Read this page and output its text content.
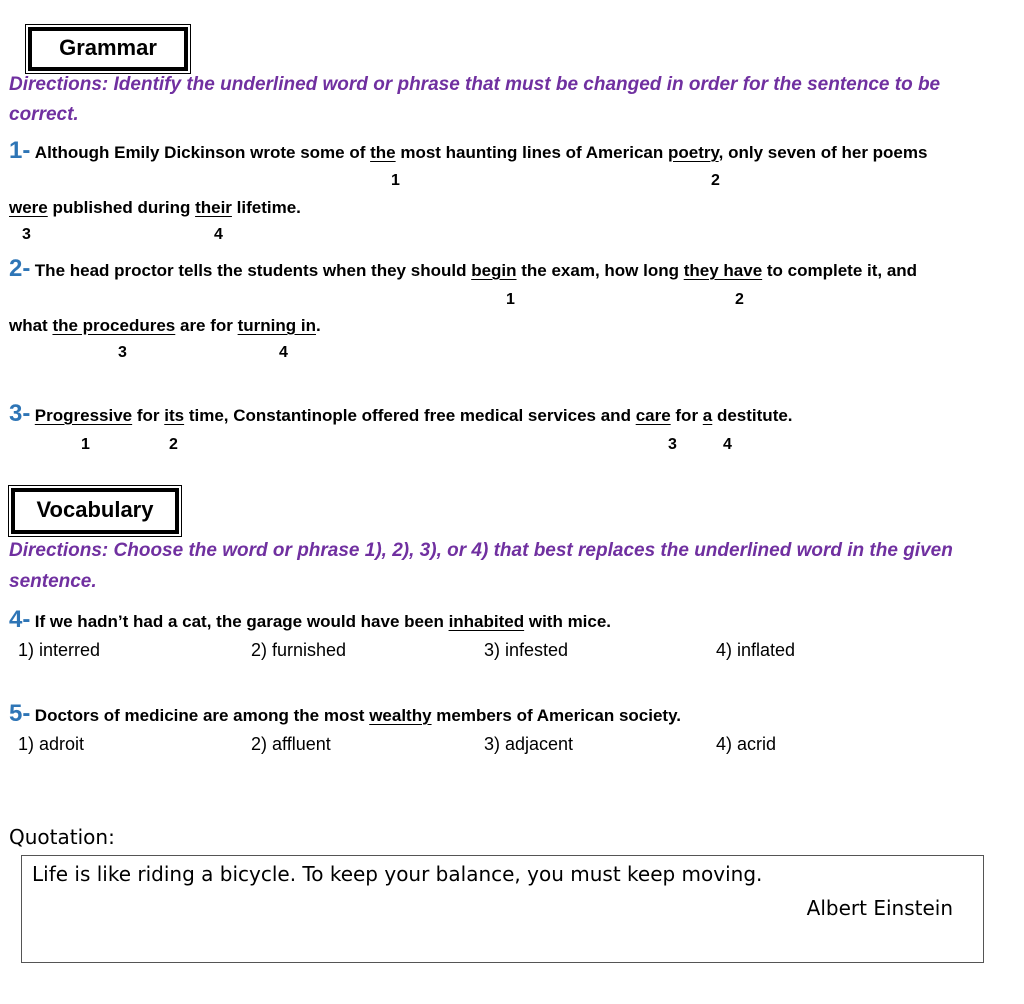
Grammar
Directions: Identify the underlined word or phrase that must be changed in order for the sentence to be
correct.
1- Although Emily Dickinson wrote some of the most haunting lines of American poetry, only seven of her poems
1	2
were published during their lifetime.
3	4
2- The head proctor tells the students when they should begin the exam, how long they have to complete it, and
1	2
what the procedures are for turning in.
3	4
3- Progressive for its time, Constantinople offered free medical services and care for a destitute.
1	2	3	4
Vocabulary
Directions: Choose the word or phrase 1), 2), 3), or 4) that best replaces the underlined word in the given
sentence.
4- If we hadn’t had a cat, the garage would have been inhabited with mice.
1) interred	2) furnished	3) infested	4) inflated
5- Doctors of medicine are among the most wealthy members of American society.
1) adroit	2) affluent	3) adjacent	4) acrid
Quotation:
Life is like riding a bicycle. To keep your balance, you must keep moving.
Albert Einstein
